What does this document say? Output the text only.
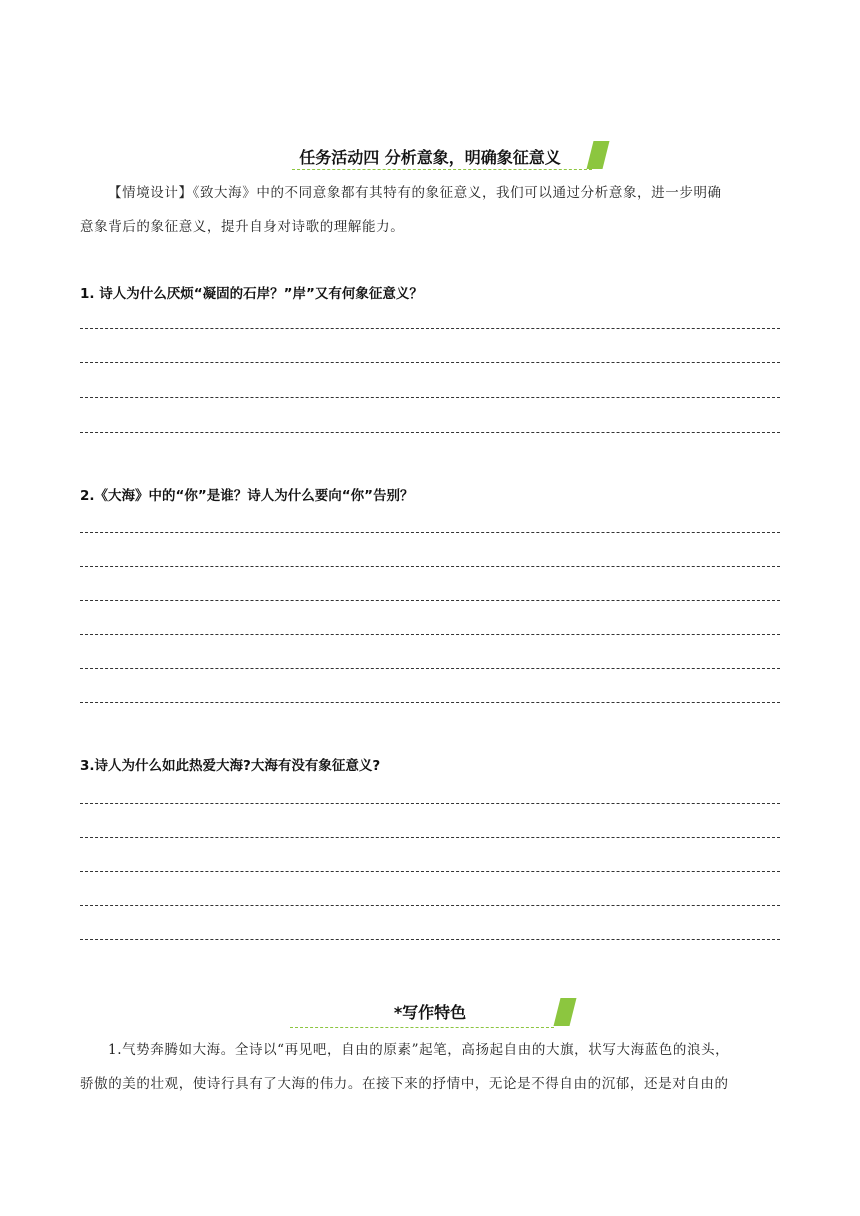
任务活动四 分析意象，明确象征意义
【情境设计】《致大海》中的不同意象都有其特有的象征意义，我们可以通过分析意象，进一步明确
意象背后的象征意义，提升自身对诗歌的理解能力。
1. 诗人为什么厌烦“凝固的石岸？”岸”又有何象征意义？
2.《大海》中的“你”是谁？诗人为什么要向“你”告别？
3.诗人为什么如此热爱大海?大海有没有象征意义?
*写作特色
1.气势奔腾如大海。全诗以“再见吧，自由的原素”起笔，高扬起自由的大旗，状写大海蓝色的浪头，
骄傲的美的壮观，使诗行具有了大海的伟力。在接下来的抒情中，无论是不得自由的沉郁，还是对自由的
